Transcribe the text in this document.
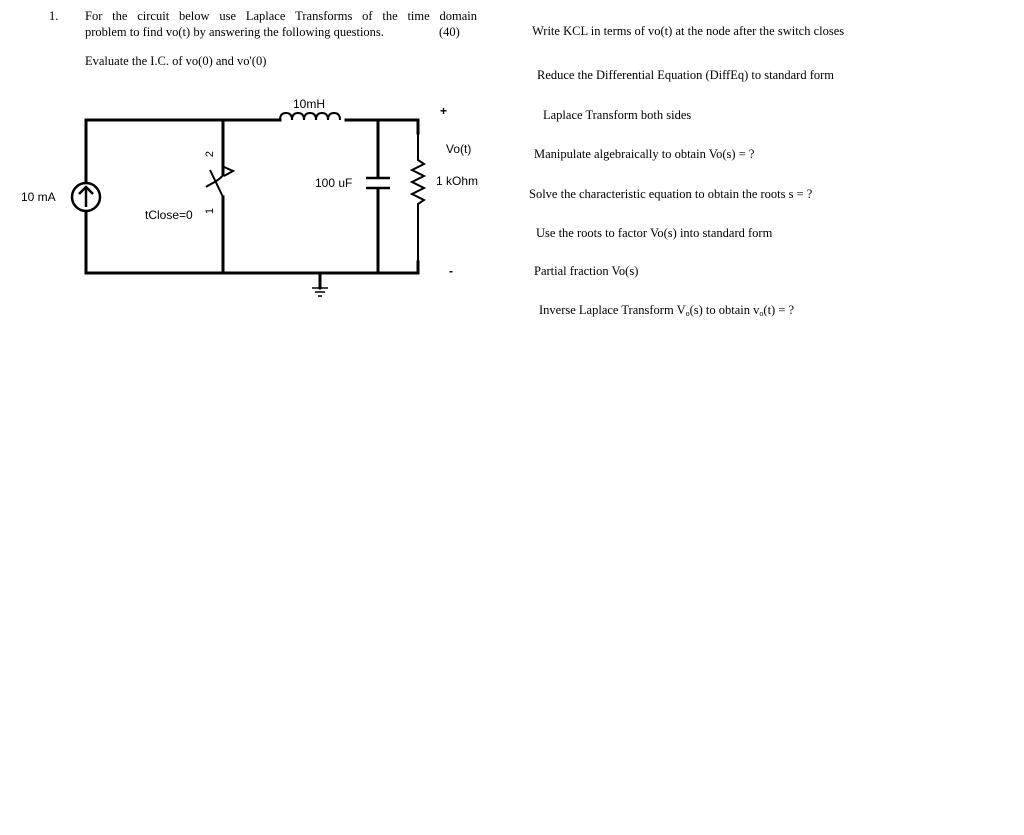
1. For the circuit below use Laplace Transforms of the time domain
problem to find vo(t) by answering the following questions.	(40)
Evaluate the I.C. of vo(0) and vo'(0)
10 mA
10mH
100 uF	1 kOhm
Vo(t)
+
-
tClose=0
2
1
Write KCL in terms of vo(t) at the node after the switch closes
Reduce the Differential Equation (DiffEq) to standard form
Laplace Transform both sides
Manipulate algebraically to obtain Vo(s) = ?
Solve the characteristic equation to obtain the roots s = ?
Use the roots to factor Vo(s) into standard form
Partial fraction Vo(s)
Inverse Laplace Transform $V_o(s)$ to obtain $v_o(t)$ = ?
